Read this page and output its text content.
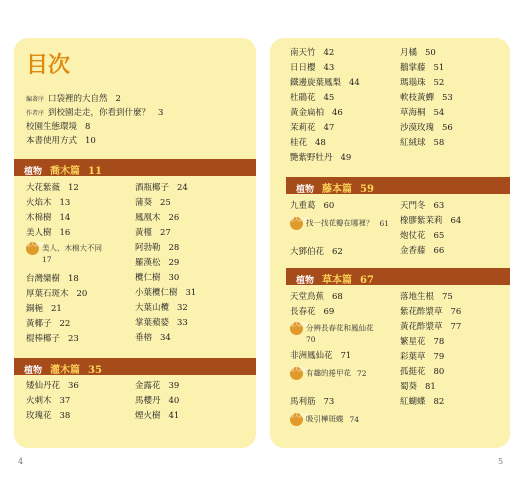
目次
編著序 口袋裡的大自然 2
作者序 到校園走走，你看到什麼？ 3
校園生態環境 8
本書使用方式 10
大花紫薇 12
火焰木 13
木棉樹 14
美人樹 16
達人說說美人、木棉大不同
17
台灣欒樹 18
厚葉石斑木 20
銅梔 21
黃椰子 22
棍棒椰子 23
酒瓶椰子 24
蒲葵 25
鳳凰木 26
黃槿 27
阿勃勒 28
羅漢松 29
欖仁樹 30
小葉欖仁樹 31
大葉山欖 32
掌葉蘋婆 33
垂榕 34
矮仙丹花 36
火刺木 37
玫瑰花 38
金露花 39
馬櫻丹 40
煙火樹 41
南天竹 42
日日櫻 43
鐵邊旋葉鳳梨 44
杜鵑花 45
黃金扁柏 46
茉莉花 47
桂花 48
艷紫野牡丹 49
月橘 50
鵝掌藤 51
瑪瑙珠 52
軟枝黃蟬 53
草海桐 54
沙漠玫瑰 56
紅絨球 58
九重葛 60
達人說說找一找花瓣在哪裡？ 61
大鄧伯花 62
天門冬 63
橡膠紫茉莉 64
炮仗花 65
金香藤 66
天堂鳥蕉 68
長春花 69
達人說說分辨長春花和鳳仙花
70
非洲鳳仙花 71
達人說說有趣的捲甲花 72
馬利筋 73
達人說說吸引樺斑蝶 74
落地生根 75
紫花酢漿草 76
黃花酢漿草 77
繁星花 78
彩葉草 79
孤挺花 80
蜀葵 81
紅蝴蝶 82
植物 喬木篇 11
植物 灌木篇 35
植物 藤本篇 59
植物 草本篇 67
4	5
